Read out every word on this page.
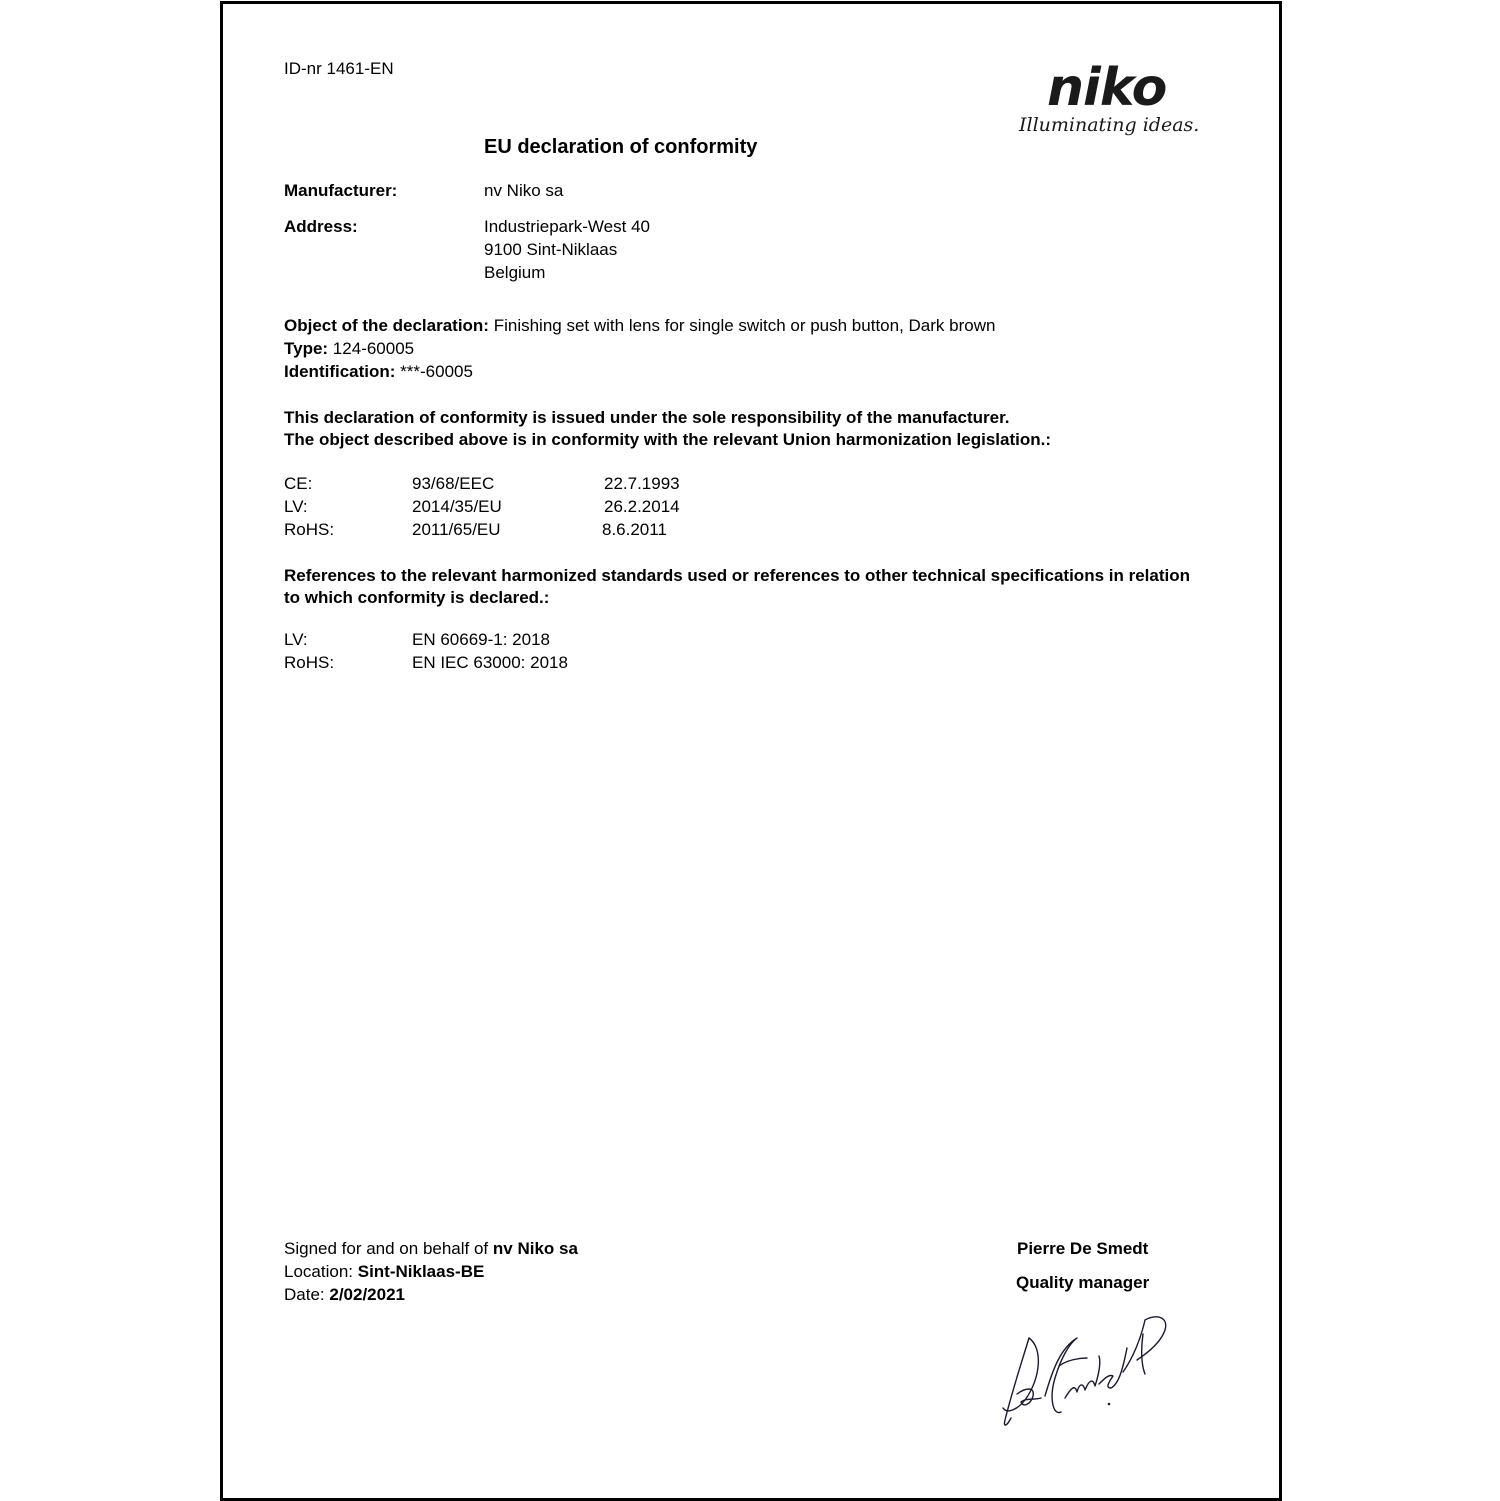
ID-nr 1461-EN	niko
Illuminating ideas.
EU declaration of conformity
Manufacturer:	nv Niko sa
Address:	Industriepark-West 40
9100 Sint-Niklaas
Belgium
Object of the declaration: Finishing set with lens for single switch or push button, Dark brown
Type: 124-60005
Identification: ***-60005
This declaration of conformity is issued under the sole responsibility of the manufacturer.
The object described above is in conformity with the relevant Union harmonization legislation.:
CE:	93/68/EEC	22.7.1993
LV:	2014/35/EU	26.2.2014
RoHS:	2011/65/EU	8.6.2011
References to the relevant harmonized standards used or references to other technical specifications in relation
to which conformity is declared.:
LV:	EN 60669-1: 2018
RoHS:	EN IEC 63000: 2018
Signed for and on behalf of nv Niko sa
Location: Sint-Niklaas-BE
Date: 2/02/2021
Pierre De Smedt
Quality manager
